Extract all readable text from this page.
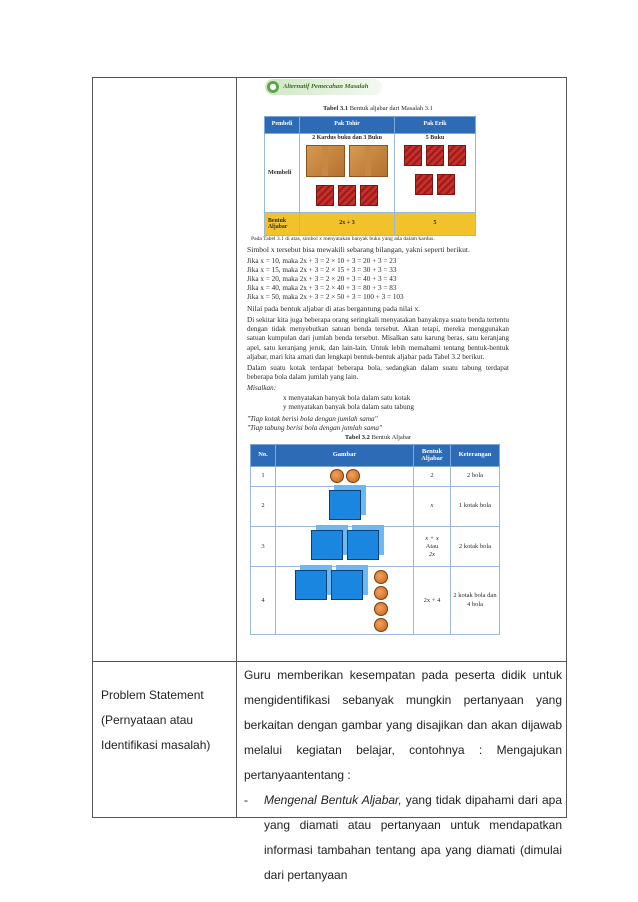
● Alternatif Pemecahan Masalah
Tabel 3.1 Bentuk aljabar dari Masalah 3.1
Pembeli	Pak Tohir	Pak Erik
Membeli	2 Kardus buku dan 3 Buku	5 Buku

Bentuk Aljabar	2x + 3	5
Pada Tabel 3.1 di atas, simbol x menyatakan banyak buku yang ada dalam kardus.

Simbol x tersebut bisa mewakili sebarang bilangan, yakni seperti berikut.

Jika x = 10, maka 2x + 3 = 2 × 10 + 3 = 20 + 3 = 23

Jika x = 15, maka 2x + 3 = 2 × 15 + 3 = 30 + 3 = 33

Jika x = 20, maka 2x + 3 = 2 × 20 + 3 = 40 + 3 = 43

Jika x = 40, maka 2x + 3 = 2 × 40 + 3 = 80 + 3 = 83

Jika x = 50, maka 2x + 3 = 2 × 50 + 3 = 100 + 3 = 103

Nilai pada bentuk aljabar di atas bergantung pada nilai x.

Di sekitar kita juga beberapa orang seringkali menyatakan banyaknya suatu benda tertentu dengan tidak menyebutkan satuan benda tersebut. Akan tetapi, mereka menggunakan satuan kumpulan dari jumlah benda tersebut. Misalkan satu karung beras, satu keranjang apel, satu keranjang jeruk, dan lain-lain. Untuk lebih memahami tentang bentuk-bentuk aljabar, mari kita amati dan lengkapi bentuk-bentuk aljabar pada Tabel 3.2 berikut.

Dalam suatu kotak terdapat beberapa bola, sedangkan dalam suatu tabung terdapat beberapa bola dalam jumlah yang lain.

Misalkan:

x menyatakan banyak bola dalam satu kotak

y menyatakan banyak bola dalam satu tabung

"Tiap kotak berisi bola dengan jumlah sama"

"Tiap tabung berisi bola dengan jumlah sama"

Tabel 3.2 Bentuk Aljabar
No.	Gambar	Bentuk Aljabar	Keterangan
1		2	2 bola
2		x	1 kotak bola
3		x + x
Atau
2x	2 kotak bola
4		2x + 4	2 kotak bola dan 4 bola
Problem Statement
(Pernyataan atau
Identifikasi masalah)

Guru memberikan kesempatan pada peserta didik untuk mengidentifikasi sebanyak mungkin pertanyaan yang berkaitan dengan gambar yang disajikan dan akan dijawab melalui kegiatan belajar, contohnya : Mengajukan pertanyaantentang :

-	Mengenal Bentuk Aljabar, yang tidak dipahami dari apa yang diamati atau pertanyaan untuk mendapatkan informasi tambahan tentang apa yang diamati (dimulai dari pertanyaan
